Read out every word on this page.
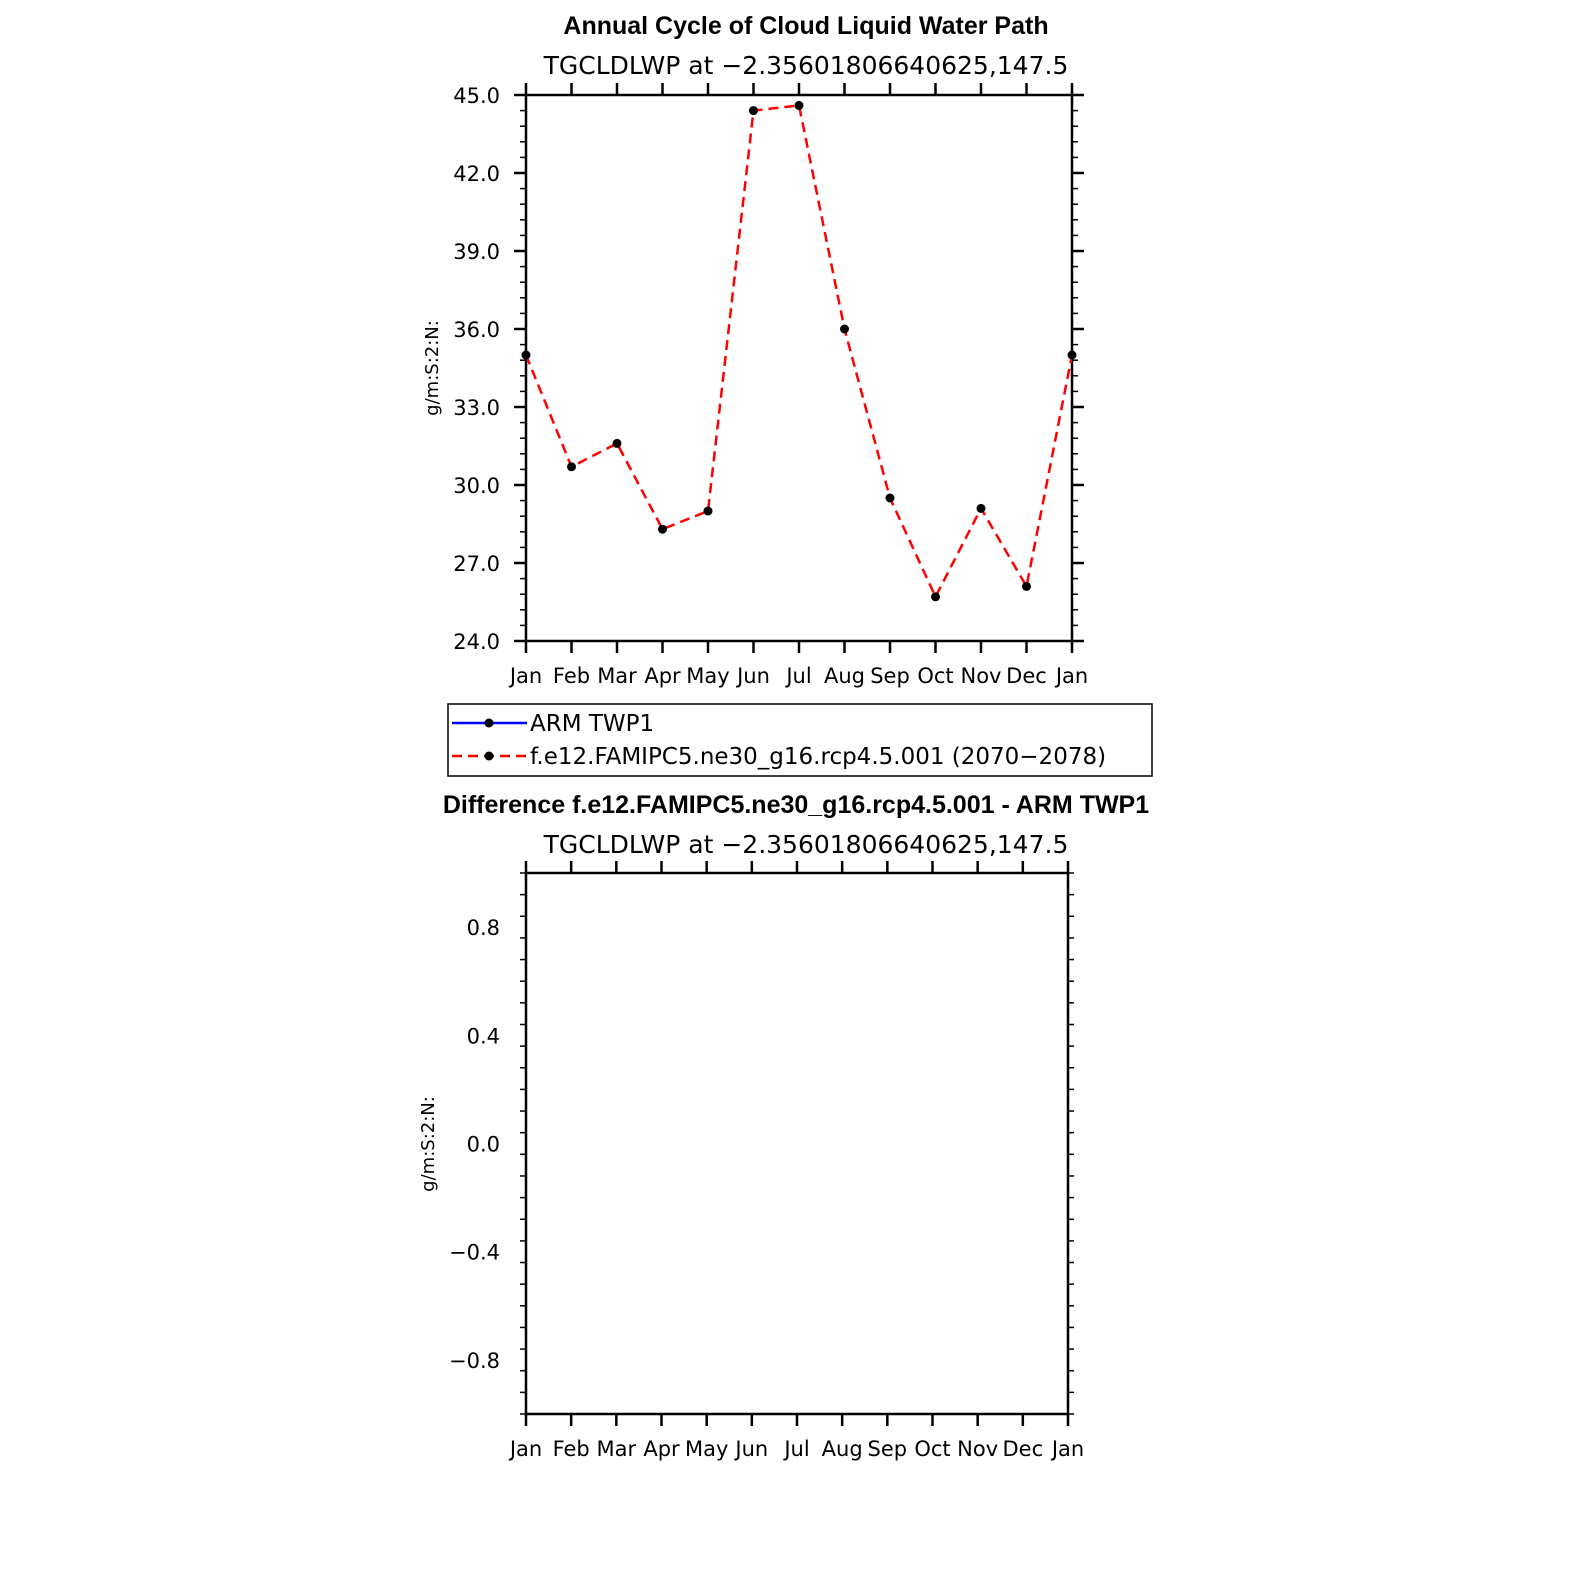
Annual Cycle of Cloud Liquid Water Path
TGCLDLWP at −2.35601806640625,147.5
g/m:S:2:N:
24.0
27.0
30.0
33.0
36.0
39.0
42.0
45.0
Jan Feb Mar Apr May Jun Jul Aug Sep Oct Nov Dec Jan
ARM TWP1
f.e12.FAMIPC5.ne30_g16.rcp4.5.001 (2070−2078)
Difference f.e12.FAMIPC5.ne30_g16.rcp4.5.001 - ARM TWP1
TGCLDLWP at −2.35601806640625,147.5
g/m:S:2:N:
−0.8
−0.4
0.0
0.4
0.8
Jan Feb Mar Apr May Jun Jul Aug Sep Oct Nov Dec Jan
